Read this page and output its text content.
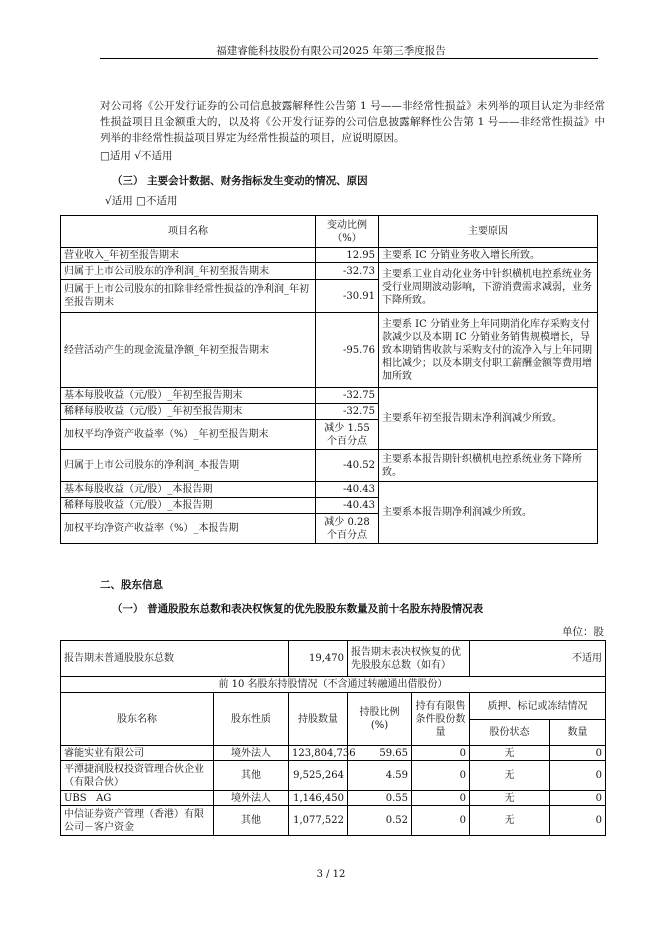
福建睿能科技股份有限公司2025 年第三季度报告
对公司将《公开发行证券的公司信息披露解释性公告第 1 号——非经常性损益》未列举的项目认定为非经常性损益项目且金额重大的，以及将《公开发行证券的公司信息披露解释性公告第 1 号——非经常性损益》中列举的非经常性损益项目界定为经常性损益的项目，应说明原因。
□适用 √不适用
（三） 主要会计数据、财务指标发生变动的情况、原因
√适用 □不适用
项目名称	变动比例（%）	主要原因
营业收入_年初至报告期末	12.95	主要系 IC 分销业务收入增长所致。
归属于上市公司股东的净利润_年初至报告期末	-32.73	主要系工业自动化业务中针织横机电控系统业务受行业周期波动影响，下游消费需求减弱，业务下降所致。
归属于上市公司股东的扣除非经常性损益的净利润_年初至报告期末	-30.91	
经营活动产生的现金流量净额_年初至报告期末	-95.76	主要系 IC 分销业务上年同期消化库存采购支付款减少以及本期 IC 分销业务销售规模增长，导致本期销售收款与采购支付的流净入与上年同期相比减少；以及本期支付职工薪酬金额等费用增加所致
基本每股收益（元/股）_年初至报告期末	-32.75	主要系年初至报告期末净利润减少所致。
稀释每股收益（元/股）_年初至报告期末	-32.75	
加权平均净资产收益率（%）_年初至报告期末	减少 1.55 个百分点	
归属于上市公司股东的净利润_本报告期	-40.52	主要系本报告期针织横机电控系统业务下降所致。
基本每股收益（元/股）_本报告期	-40.43	主要系本报告期净利润减少所致。
稀释每股收益（元/股）_本报告期	-40.43	
加权平均净资产收益率（%）_本报告期	减少 0.28 个百分点	
二、股东信息
（一） 普通股股东总数和表决权恢复的优先股股东数量及前十名股东持股情况表
单位：股
报告期末普通股股东总数		19,470	报告期末表决权恢复的优先股股东总数（如有）		不适用	
前 10 名股东持股情况（不含通过转融通出借股份）						
股东名称	股东性质	持股数量	持股比例(%)	持有有限售条件股份数量	质押、标记或冻结情况	
					股份状态	数量
睿能实业有限公司	境外法人	123,804,736	59.65	0	无	0
平潭捷润股权投资管理合伙企业（有限合伙）	其他	9,525,264	4.59	0	无	0
UBS   AG	境外法人	1,146,450	0.55	0	无	0
中信证券资产管理（香港）有限公司－客户资金	其他	1,077,522	0.52	0	无	0
3 / 12
